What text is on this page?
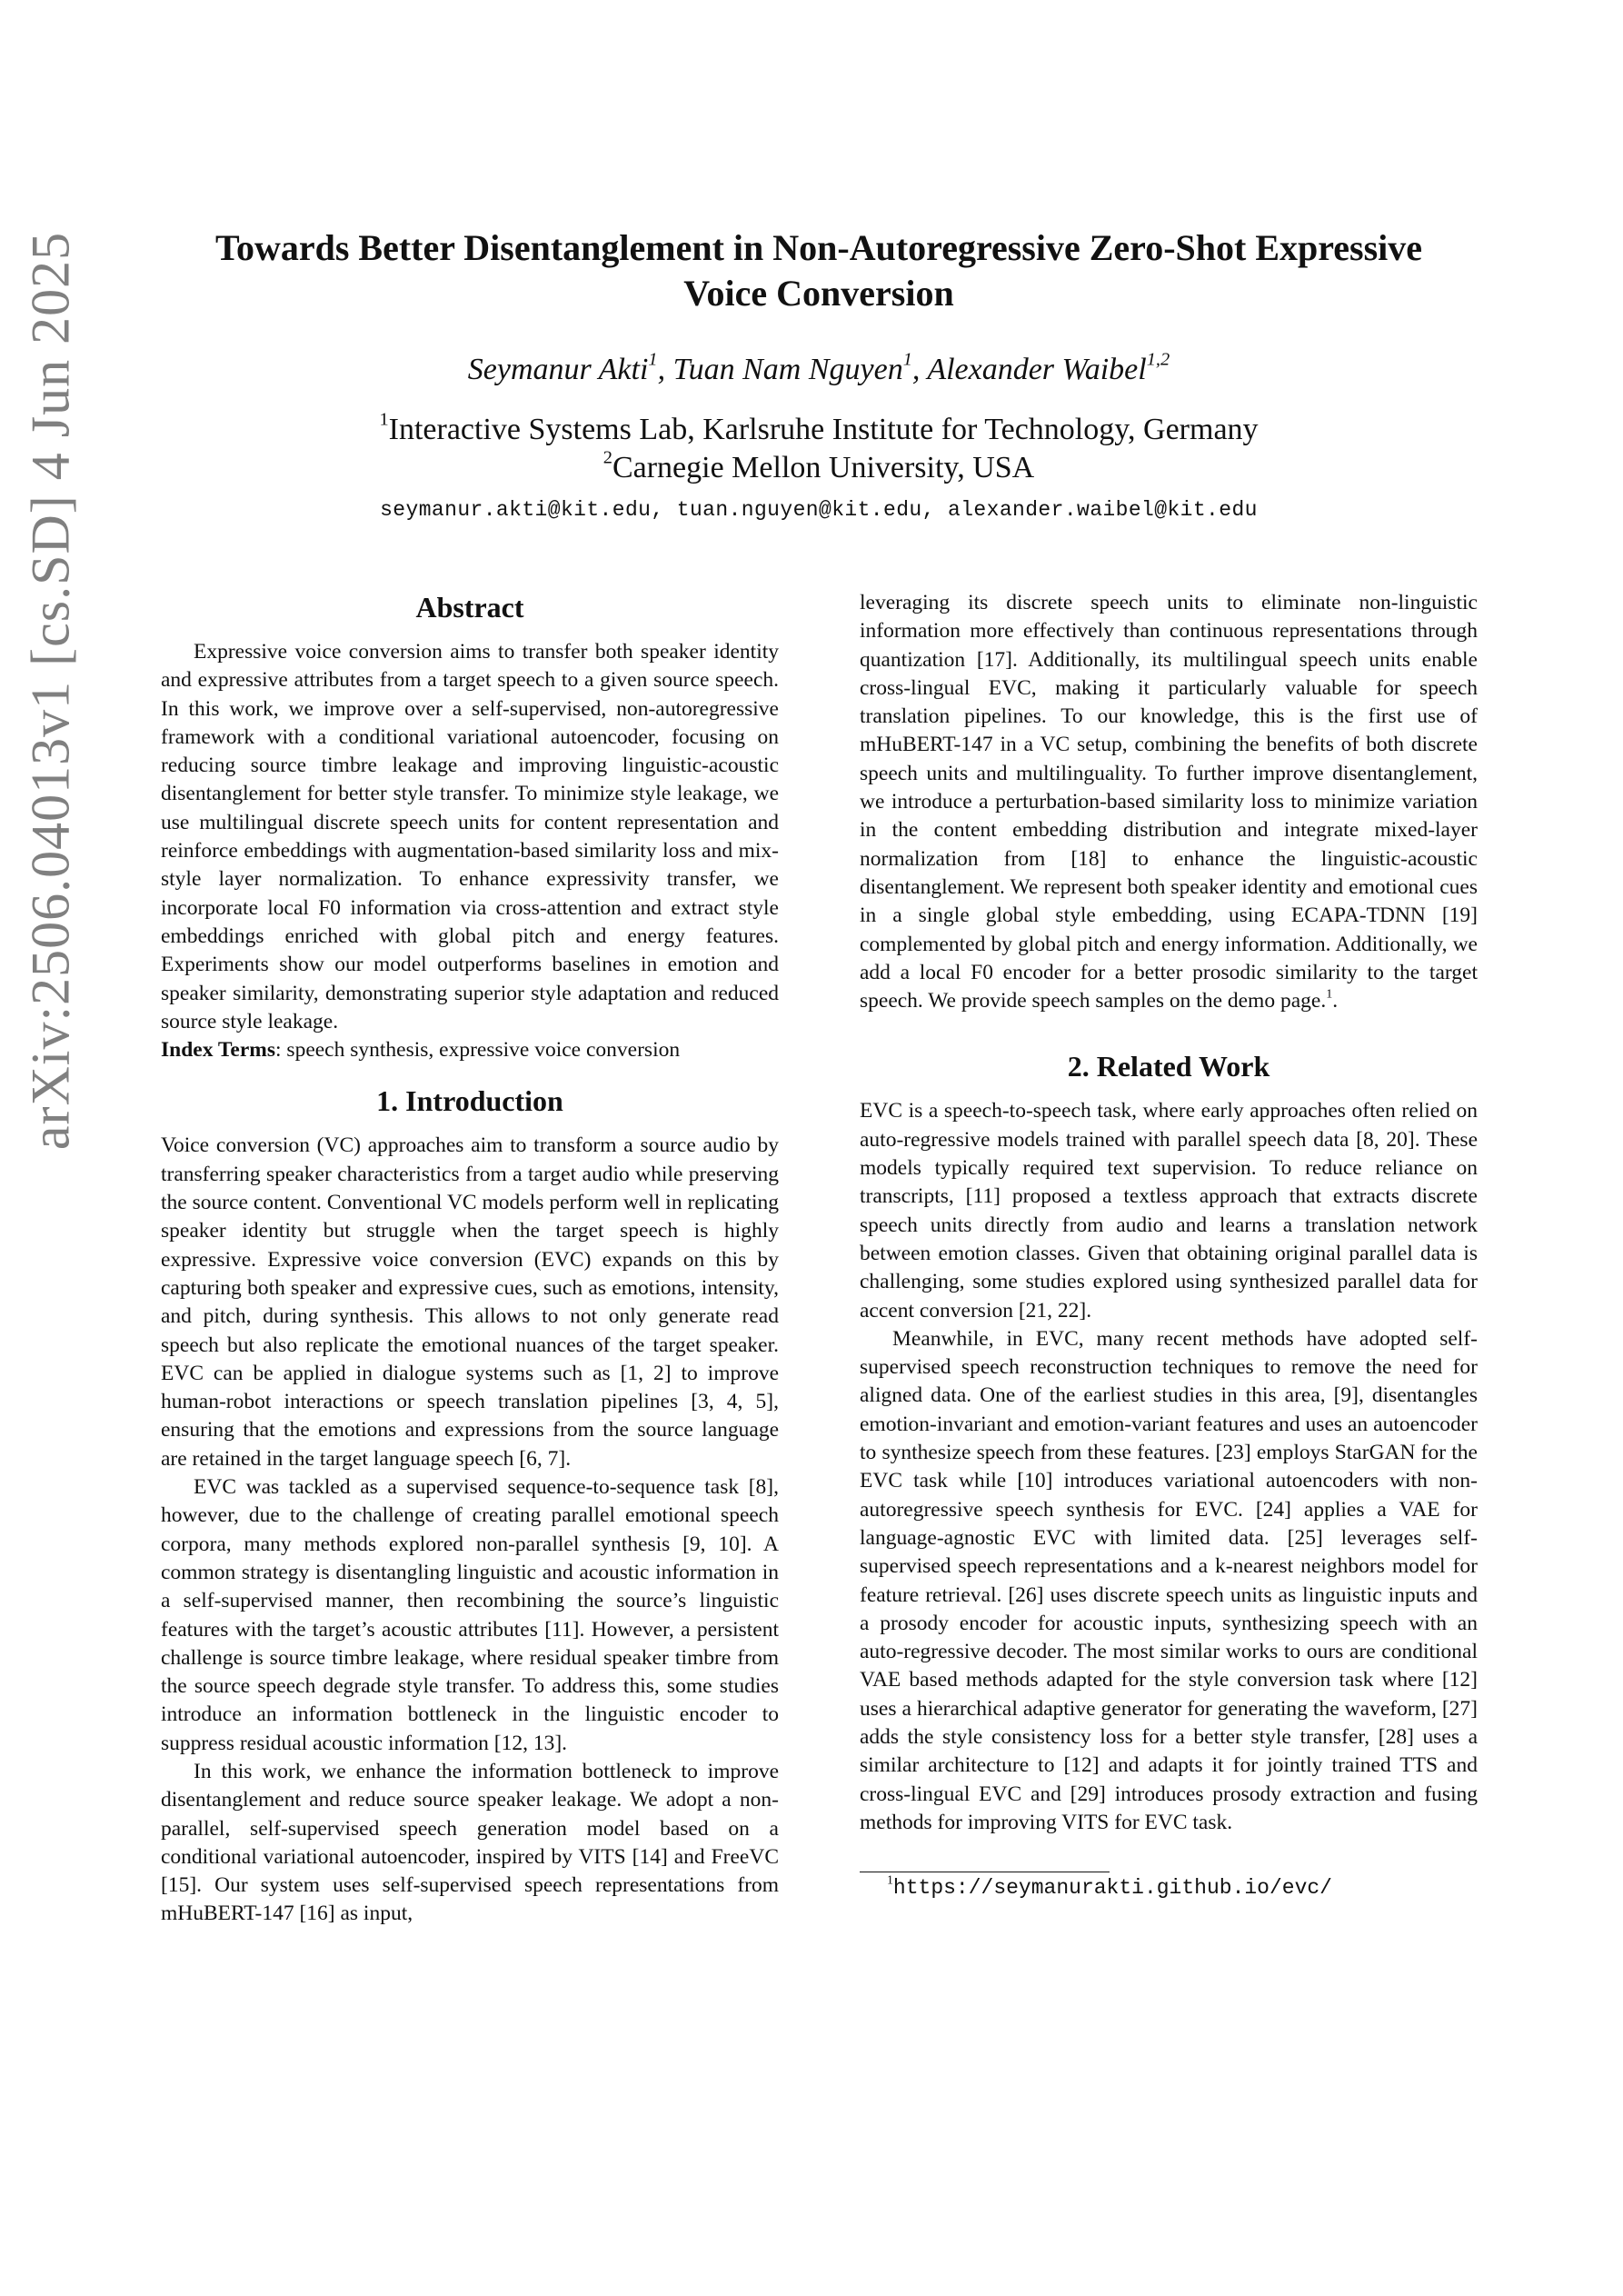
arXiv:2506.04013v1 [cs.SD] 4 Jun 2025	Towards Better Disentanglement in Non-Autoregressive Zero-Shot Expressive
Voice Conversion
Seymanur Akti$^1$, Tuan Nam Nguyen$^1$, Alexander Waibel$^{1,2}$
$^1$Interactive Systems Lab, Karlsruhe Institute for Technology, Germany
$^2$Carnegie Mellon University, USA
seymanur.akti@kit.edu, tuan.nguyen@kit.edu, alexander.waibel@kit.edu
Abstract

Expressive voice conversion aims to transfer both speaker identity and expressive attributes from a target speech to a given source speech. In this work, we improve over a self-supervised, non-autoregressive framework with a conditional variational autoencoder, focusing on reducing source timbre leakage and improving linguistic-acoustic disentanglement for better style transfer. To minimize style leakage, we use multilingual discrete speech units for content representation and reinforce embeddings with augmentation-based similarity loss and mix-style layer normalization. To enhance expressivity transfer, we incorporate local F0 information via cross-attention and extract style embeddings enriched with global pitch and energy features. Experiments show our model outperforms baselines in emotion and speaker similarity, demonstrating superior style adaptation and reduced source style leakage.

Index Terms: speech synthesis, expressive voice conversion

1. Introduction

Voice conversion (VC) approaches aim to transform a source audio by transferring speaker characteristics from a target audio while preserving the source content. Conventional VC models perform well in replicating speaker identity but struggle when the target speech is highly expressive. Expressive voice conversion (EVC) expands on this by capturing both speaker and expressive cues, such as emotions, intensity, and pitch, during synthesis. This allows to not only generate read speech but also replicate the emotional nuances of the target speaker. EVC can be applied in dialogue systems such as [1, 2] to improve human-robot interactions or speech translation pipelines [3, 4, 5], ensuring that the emotions and expressions from the source language are retained in the target language speech [6, 7].

EVC was tackled as a supervised sequence-to-sequence task [8], however, due to the challenge of creating parallel emotional speech corpora, many methods explored non-parallel synthesis [9, 10]. A common strategy is disentangling linguistic and acoustic information in a self-supervised manner, then recombining the source’s linguistic features with the target’s acoustic attributes [11]. However, a persistent challenge is source timbre leakage, where residual speaker timbre from the source speech degrade style transfer. To address this, some studies introduce an information bottleneck in the linguistic encoder to suppress residual acoustic information [12, 13].

In this work, we enhance the information bottleneck to improve disentanglement and reduce source speaker leakage. We adopt a non-parallel, self-supervised speech generation model based on a conditional variational autoencoder, inspired by VITS [14] and FreeVC [15]. Our system uses self-supervised speech representations from mHuBERT-147 [16] as input,

leveraging its discrete speech units to eliminate non-linguistic information more effectively than continuous representations through quantization [17]. Additionally, its multilingual speech units enable cross-lingual EVC, making it particularly valuable for speech translation pipelines. To our knowledge, this is the first use of mHuBERT-147 in a VC setup, combining the benefits of both discrete speech units and multilinguality. To further improve disentanglement, we introduce a perturbation-based similarity loss to minimize variation in the content embedding distribution and integrate mixed-layer normalization from [18] to enhance the linguistic-acoustic disentanglement. We represent both speaker identity and emotional cues in a single global style embedding, using ECAPA-TDNN [19] complemented by global pitch and energy information. Additionally, we add a local F0 encoder for a better prosodic similarity to the target speech. We provide speech samples on the demo page.$^1$.

2. Related Work

EVC is a speech-to-speech task, where early approaches often relied on auto-regressive models trained with parallel speech data [8, 20]. These models typically required text supervision. To reduce reliance on transcripts, [11] proposed a textless approach that extracts discrete speech units directly from audio and learns a translation network between emotion classes. Given that obtaining original parallel data is challenging, some studies explored using synthesized parallel data for accent conversion [21, 22].

Meanwhile, in EVC, many recent methods have adopted self-supervised speech reconstruction techniques to remove the need for aligned data. One of the earliest studies in this area, [9], disentangles emotion-invariant and emotion-variant features and uses an autoencoder to synthesize speech from these features. [23] employs StarGAN for the EVC task while [10] introduces variational autoencoders with non-autoregressive speech synthesis for EVC. [24] applies a VAE for language-agnostic EVC with limited data. [25] leverages self-supervised speech representations and a k-nearest neighbors model for feature retrieval. [26] uses discrete speech units as linguistic inputs and a prosody encoder for acoustic inputs, synthesizing speech with an auto-regressive decoder. The most similar works to ours are conditional VAE based methods adapted for the style conversion task where [12] uses a hierarchical adaptive generator for generating the waveform, [27] adds the style consistency loss for a better style transfer, [28] uses a similar architecture to [12] and adapts it for jointly trained TTS and cross-lingual EVC and [29] introduces prosody extraction and fusing methods for improving VITS for EVC task.

$^1$https://seymanurakti.github.io/evc/
